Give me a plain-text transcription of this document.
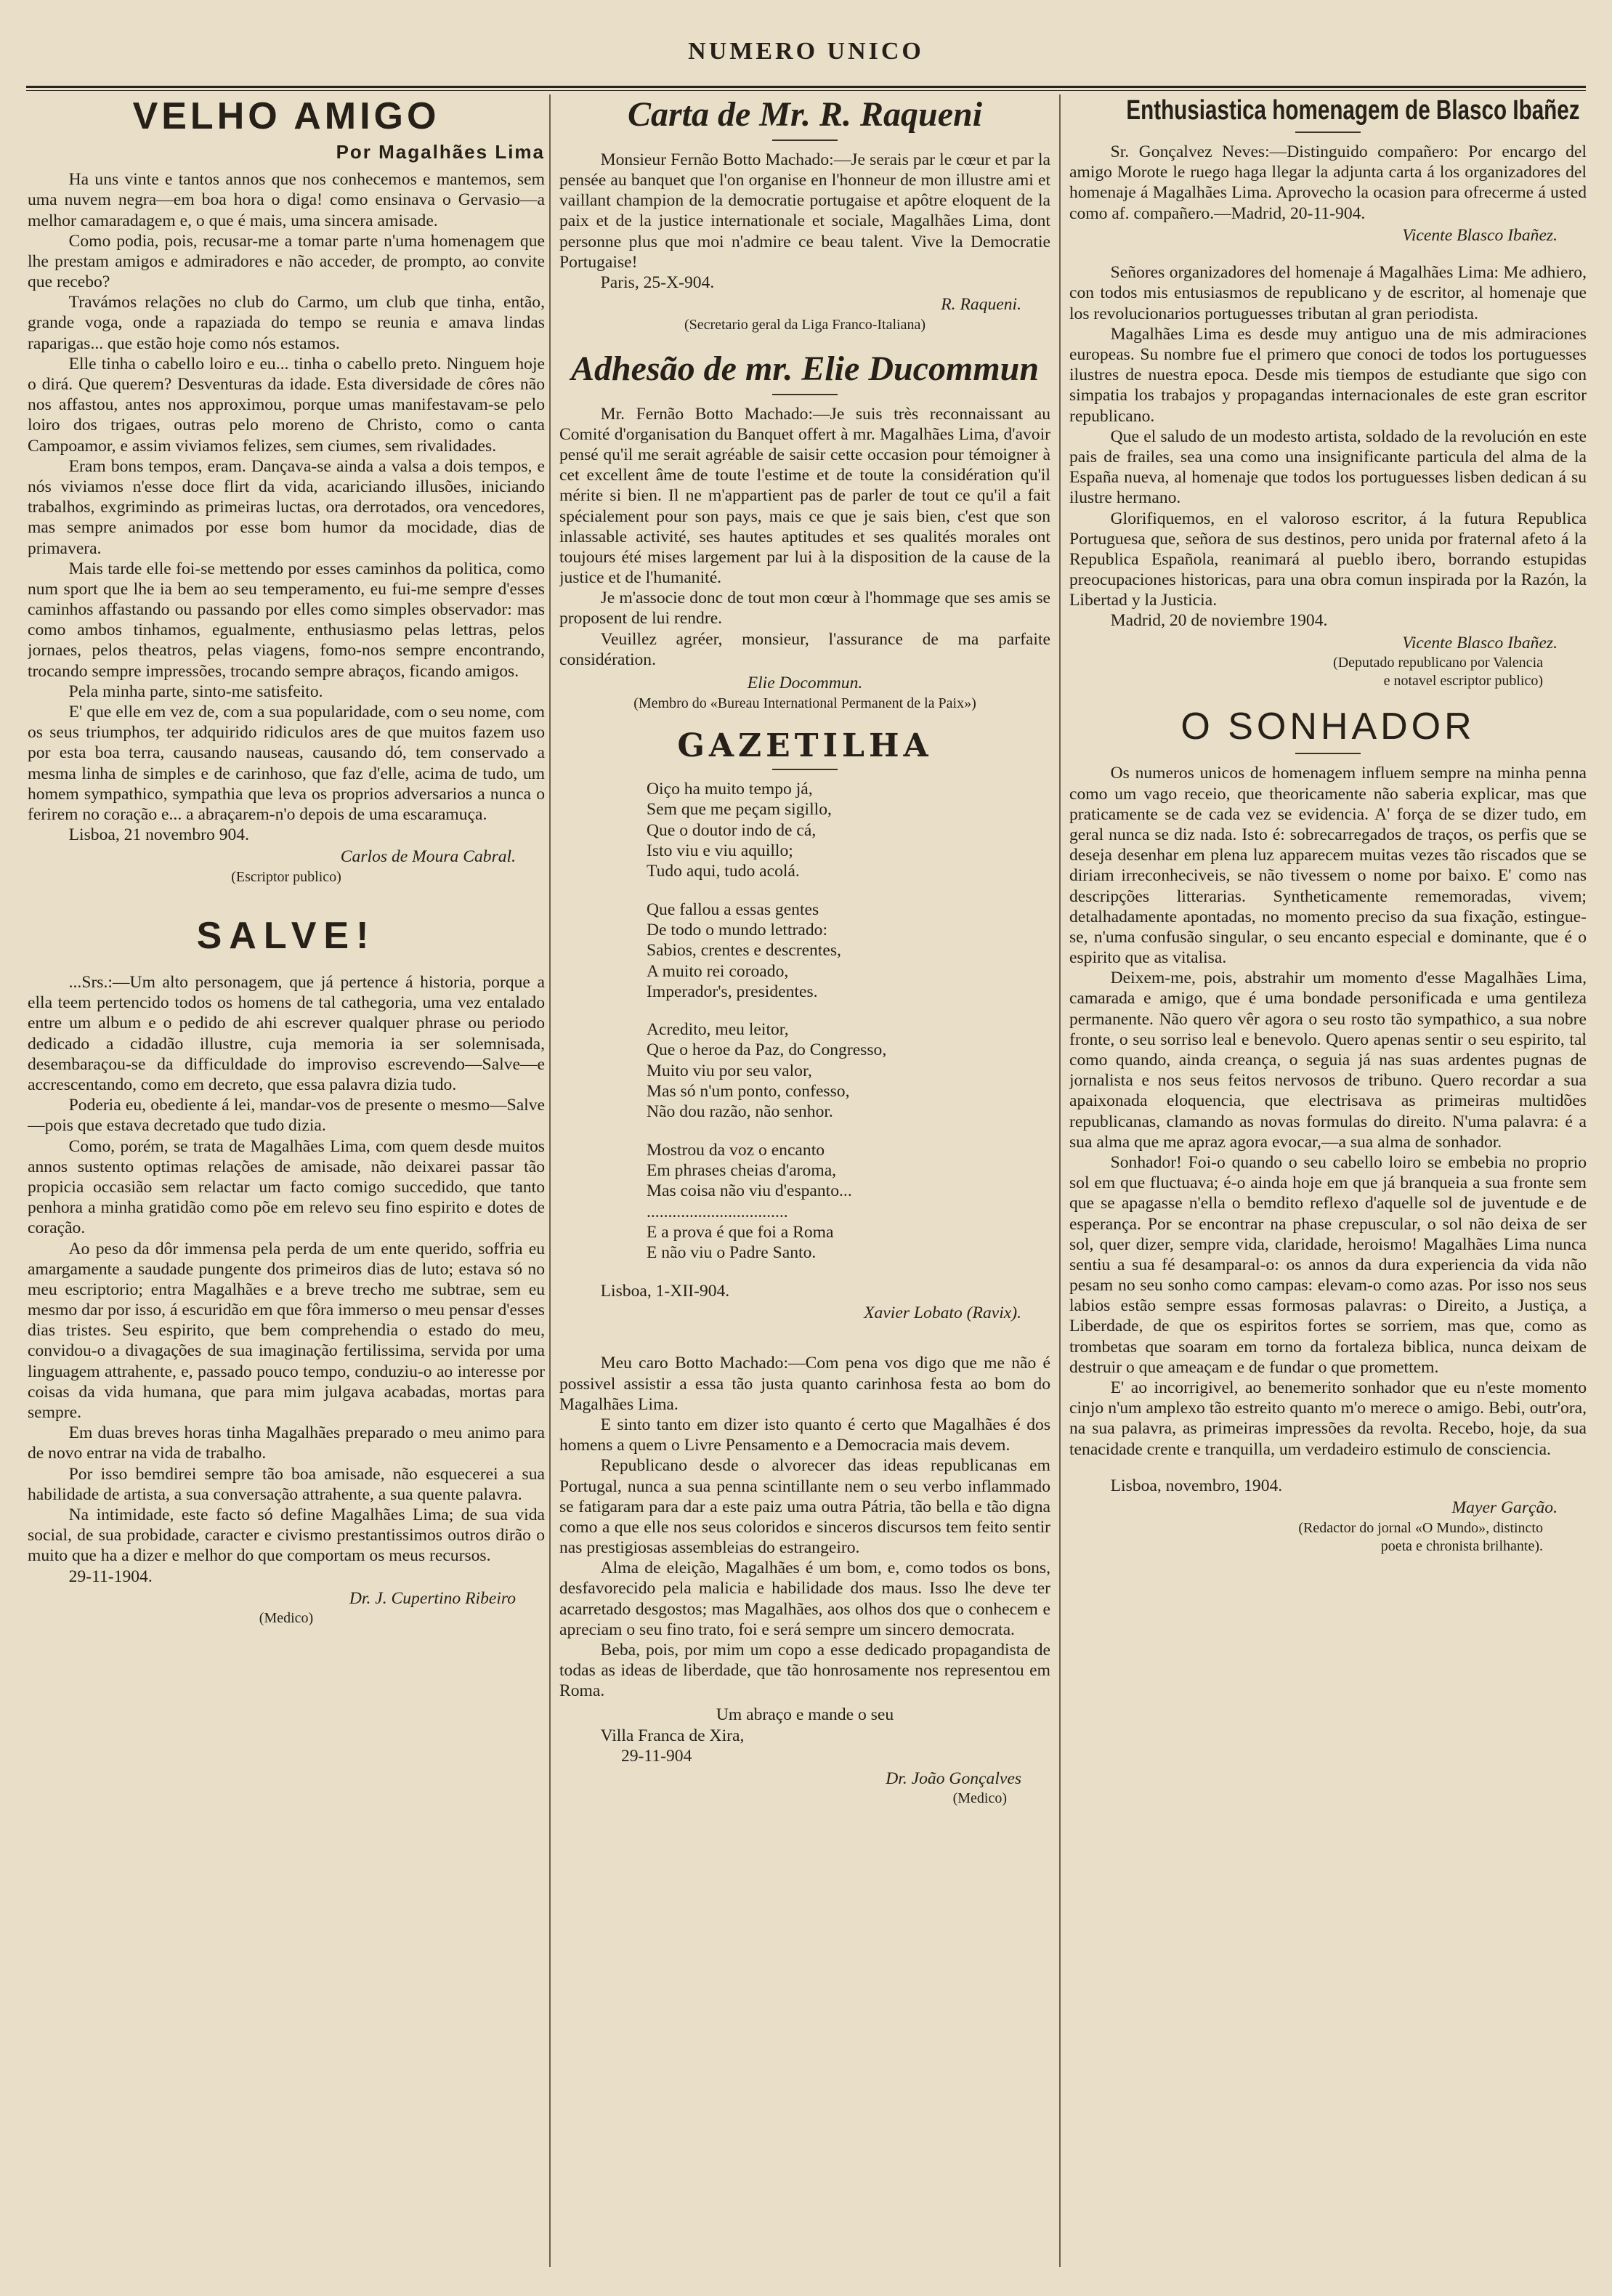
NUMERO UNICO
VELHO AMIGO
Por Magalhães Lima

Ha uns vinte e tantos annos que nos conhecemos e mantemos, sem uma nuvem negra—em boa hora o diga! como ensinava o Gervasio—a melhor camaradagem e, o que é mais, uma sincera amisade.

Como podia, pois, recusar-me a tomar parte n'uma homenagem que lhe prestam amigos e admiradores e não acceder, de prompto, ao convite que recebo?

Travámos relações no club do Carmo, um club que tinha, então, grande voga, onde a rapaziada do tempo se reunia e amava lindas raparigas... que estão hoje como nós estamos.

Elle tinha o cabello loiro e eu... tinha o cabello preto. Ninguem hoje o dirá. Que querem? Desventuras da idade. Esta diversidade de côres não nos affastou, antes nos approximou, porque umas manifestavam-se pelo loiro dos trigaes, outras pelo moreno de Christo, como o canta Campoamor, e assim viviamos felizes, sem ciumes, sem rivalidades.

Eram bons tempos, eram. Dançava-se ainda a valsa a dois tempos, e nós viviamos n'esse doce flirt da vida, acariciando illusões, iniciando trabalhos, exgrimindo as primeiras luctas, ora derrotados, ora vencedores, mas sempre animados por esse bom humor da mocidade, dias de primavera.

Mais tarde elle foi-se mettendo por esses caminhos da politica, como num sport que lhe ia bem ao seu temperamento, eu fui-me sempre d'esses caminhos affastando ou passando por elles como simples observador: mas como ambos tinhamos, egualmente, enthusiasmo pelas lettras, pelos jornaes, pelos theatros, pelas viagens, fomo-nos sempre encontrando, trocando sempre impressões, trocando sempre abraços, ficando amigos.

Pela minha parte, sinto-me satisfeito.

E' que elle em vez de, com a sua popularidade, com o seu nome, com os seus triumphos, ter adquirido ridiculos ares de que muitos fazem uso por esta boa terra, causando nauseas, causando dó, tem conservado a mesma linha de simples e de carinhoso, que faz d'elle, acima de tudo, um homem sympathico, sympathia que leva os proprios adversarios a nunca o ferirem no coração e... a abraçarem-n'o depois de uma escaramuça.

Lisboa, 21 novembro 904.
Carlos de Moura Cabral.
(Escriptor publico)
SALVE!

...Srs.:—Um alto personagem, que já pertence á historia, porque a ella teem pertencido todos os homens de tal cathegoria, uma vez entalado entre um album e o pedido de ahi escrever qualquer phrase ou periodo dedicado a cidadão illustre, cuja memoria ia ser solemnisada, desembaraçou-se da difficuldade do improviso escrevendo—Salve—e accrescentando, como em decreto, que essa palavra dizia tudo.

Poderia eu, obediente á lei, mandar-vos de presente o mesmo—Salve—pois que estava decretado que tudo dizia.

Como, porém, se trata de Magalhães Lima, com quem desde muitos annos sustento optimas relações de amisade, não deixarei passar tão propicia occasião sem relactar um facto comigo succedido, que tanto penhora a minha gratidão como põe em relevo seu fino espirito e dotes de coração.

Ao peso da dôr immensa pela perda de um ente querido, soffria eu amargamente a saudade pungente dos primeiros dias de luto; estava só no meu escriptorio; entra Magalhães e a breve trecho me subtrae, sem eu mesmo dar por isso, á escuridão em que fôra immerso o meu pensar d'esses dias tristes. Seu espirito, que bem comprehendia o estado do meu, convidou-o a divagações de sua imaginação fertilissima, servida por uma linguagem attrahente, e, passado pouco tempo, conduziu-o ao interesse por coisas da vida humana, que para mim julgava acabadas, mortas para sempre.

Em duas breves horas tinha Magalhães preparado o meu animo para de novo entrar na vida de trabalho.

Por isso bemdirei sempre tão boa amisade, não esquecerei a sua habilidade de artista, a sua conversação attrahente, a sua quente palavra.

Na intimidade, este facto só define Magalhães Lima; de sua vida social, de sua probidade, caracter e civismo prestantissimos outros dirão o muito que ha a dizer e melhor do que comportam os meus recursos.

29-11-1904.
Dr. J. Cupertino Ribeiro
(Medico)
Carta de Mr. R. Raqueni

Monsieur Fernão Botto Machado:—Je serais par le cœur et par la pensée au banquet que l'on organise en l'honneur de mon illustre ami et vaillant champion de la democratie portugaise et apôtre eloquent de la paix et de la justice internationale et sociale, Magalhães Lima, dont personne plus que moi n'admire ce beau talent. Vive la Democratie Portugaise!

Paris, 25-X-904.
R. Raqueni.
(Secretario geral da Liga Franco-Italiana)
Adhesão de mr. Elie Ducommun

Mr. Fernão Botto Machado:—Je suis très reconnaissant au Comité d'organisation du Banquet offert à mr. Magalhães Lima, d'avoir pensé qu'il me serait agréable de saisir cette occasion pour témoigner à cet excellent âme de toute l'estime et de toute la considération qu'il mérite si bien. Il ne m'appartient pas de parler de tout ce qu'il a fait spécialement pour son pays, mais ce que je sais bien, c'est que son inlassable activité, ses hautes aptitudes et ses qualités morales ont toujours été mises largement par lui à la disposition de la cause de la justice et de l'humanité.

Je m'associe donc de tout mon cœur à l'hommage que ses amis se proposent de lui rendre.

Veuillez agréer, monsieur, l'assurance de ma parfaite considération.

Elie Docommun.
(Membro do «Bureau International Permanent de la Paix»)
GAZETILHA
Oiço ha muito tempo já,
Sem que me peçam sigillo,
Que o doutor indo de cá,
Isto viu e viu aquillo;
Tudo aqui, tudo acolá.
Que fallou a essas gentes
De todo o mundo lettrado:
Sabios, crentes e descrentes,
A muito rei coroado,
Imperador's, presidentes.
Acredito, meu leitor,
Que o heroe da Paz, do Congresso,
Muito viu por seu valor,
Mas só n'um ponto, confesso,
Não dou razão, não senhor.
Mostrou da voz o encanto
Em phrases cheias d'aroma,
Mas coisa não viu d'espanto...
.................................
E a prova é que foi a Roma
E não viu o Padre Santo.
Lisboa, 1-XII-904.
Xavier Lobato (Ravix).

Meu caro Botto Machado:—Com pena vos digo que me não é possivel assistir a essa tão justa quanto carinhosa festa ao bom do Magalhães Lima.

E sinto tanto em dizer isto quanto é certo que Magalhães é dos homens a quem o Livre Pensamento e a Democracia mais devem.

Republicano desde o alvorecer das ideas republicanas em Portugal, nunca a sua penna scintillante nem o seu verbo inflammado se fatigaram para dar a este paiz uma outra Pátria, tão bella e tão digna como a que elle nos seus coloridos e sinceros discursos tem feito sentir nas prestigiosas assembleias do estrangeiro.

Alma de eleição, Magalhães é um bom, e, como todos os bons, desfavorecido pela malicia e habilidade dos maus. Isso lhe deve ter acarretado desgostos; mas Magalhães, aos olhos dos que o conhecem e apreciam o seu fino trato, foi e será sempre um sincero democrata.

Beba, pois, por mim um copo a esse dedicado propagandista de todas as ideas de liberdade, que tão honrosamente nos representou em Roma.

Um abraço e mande o seu
Villa Franca de Xira,
29-11-904
Dr. João Gonçalves
(Medico)
Enthusiastica homenagem de Blasco Ibañez

Sr. Gonçalvez Neves:—Distinguido compañero: Por encargo del amigo Morote le ruego haga llegar la adjunta carta á los organizadores del homenaje á Magalhães Lima. Aprovecho la ocasion para ofrecerme á usted como af. compañero.—Madrid, 20-11-904.

Vicente Blasco Ibañez.

Señores organizadores del homenaje á Magalhães Lima: Me adhiero, con todos mis entusiasmos de republicano y de escritor, al homenaje que los revolucionarios portuguesses tributan al gran periodista.

Magalhães Lima es desde muy antiguo una de mis admiraciones europeas. Su nombre fue el primero que conoci de todos los portuguesses ilustres de nuestra epoca. Desde mis tiempos de estudiante que sigo con simpatia los trabajos y propagandas internacionales de este gran escritor republicano.

Que el saludo de un modesto artista, soldado de la revolución en este pais de frailes, sea una como una insignificante particula del alma de la España nueva, al homenaje que todos los portuguesses lisben dedican á su ilustre hermano.

Glorifiquemos, en el valoroso escritor, á la futura Republica Portuguesa que, señora de sus destinos, pero unida por fraternal afeto á la Republica Española, reanimará al pueblo ibero, borrando estupidas preocupaciones historicas, para una obra comun inspirada por la Razón, la Libertad y la Justicia.

Madrid, 20 de noviembre 1904.
Vicente Blasco Ibañez.
(Deputado republicano por Valencia
e notavel escriptor publico)
O SONHADOR

Os numeros unicos de homenagem influem sempre na minha penna como um vago receio, que theoricamente não saberia explicar, mas que praticamente se de cada vez se evidencia. A' força de se dizer tudo, em geral nunca se diz nada. Isto é: sobrecarregados de traços, os perfis que se deseja desenhar em plena luz apparecem muitas vezes tão riscados que se diriam irreconheciveis, se não tivessem o nome por baixo. E' como nas descripções litterarias. Syntheticamente rememoradas, vivem; detalhadamente apontadas, no momento preciso da sua fixação, estingue-se, n'uma confusão singular, o seu encanto especial e dominante, que é o espirito que as vitalisa.

Deixem-me, pois, abstrahir um momento d'esse Magalhães Lima, camarada e amigo, que é uma bondade personificada e uma gentileza permanente. Não quero vêr agora o seu rosto tão sympathico, a sua nobre fronte, o seu sorriso leal e benevolo. Quero apenas sentir o seu espirito, tal como quando, ainda creança, o seguia já nas suas ardentes pugnas de jornalista e nos seus feitos nervosos de tribuno. Quero recordar a sua apaixonada eloquencia, que electrisava as primeiras multidões republicanas, clamando as novas formulas do direito. N'uma palavra: é a sua alma que me apraz agora evocar,—a sua alma de sonhador.

Sonhador! Foi-o quando o seu cabello loiro se embebia no proprio sol em que fluctuava; é-o ainda hoje em que já branqueia a sua fronte sem que se apagasse n'ella o bemdito reflexo d'aquelle sol de juventude e de esperança. Por se encontrar na phase crepuscular, o sol não deixa de ser sol, quer dizer, sempre vida, claridade, heroismo! Magalhães Lima nunca sentiu a sua fé desamparal-o: os annos da dura experiencia da vida não pesam no seu sonho como campas: elevam-o como azas. Por isso nos seus labios estão sempre essas formosas palavras: o Direito, a Justiça, a Liberdade, de que os espiritos fortes se sorriem, mas que, como as trombetas que soaram em torno da fortaleza biblica, nunca deixam de destruir o que ameaçam e de fundar o que promettem.

E' ao incorrigivel, ao benemerito sonhador que eu n'este momento cinjo n'um amplexo tão estreito quanto m'o merece o amigo. Bebi, outr'ora, na sua palavra, as primeiras impressões da revolta. Recebo, hoje, da sua tenacidade crente e tranquilla, um verdadeiro estimulo de consciencia.

Lisboa, novembro, 1904.
Mayer Garção.
(Redactor do jornal «O Mundo», distincto
poeta e chronista brilhante).
